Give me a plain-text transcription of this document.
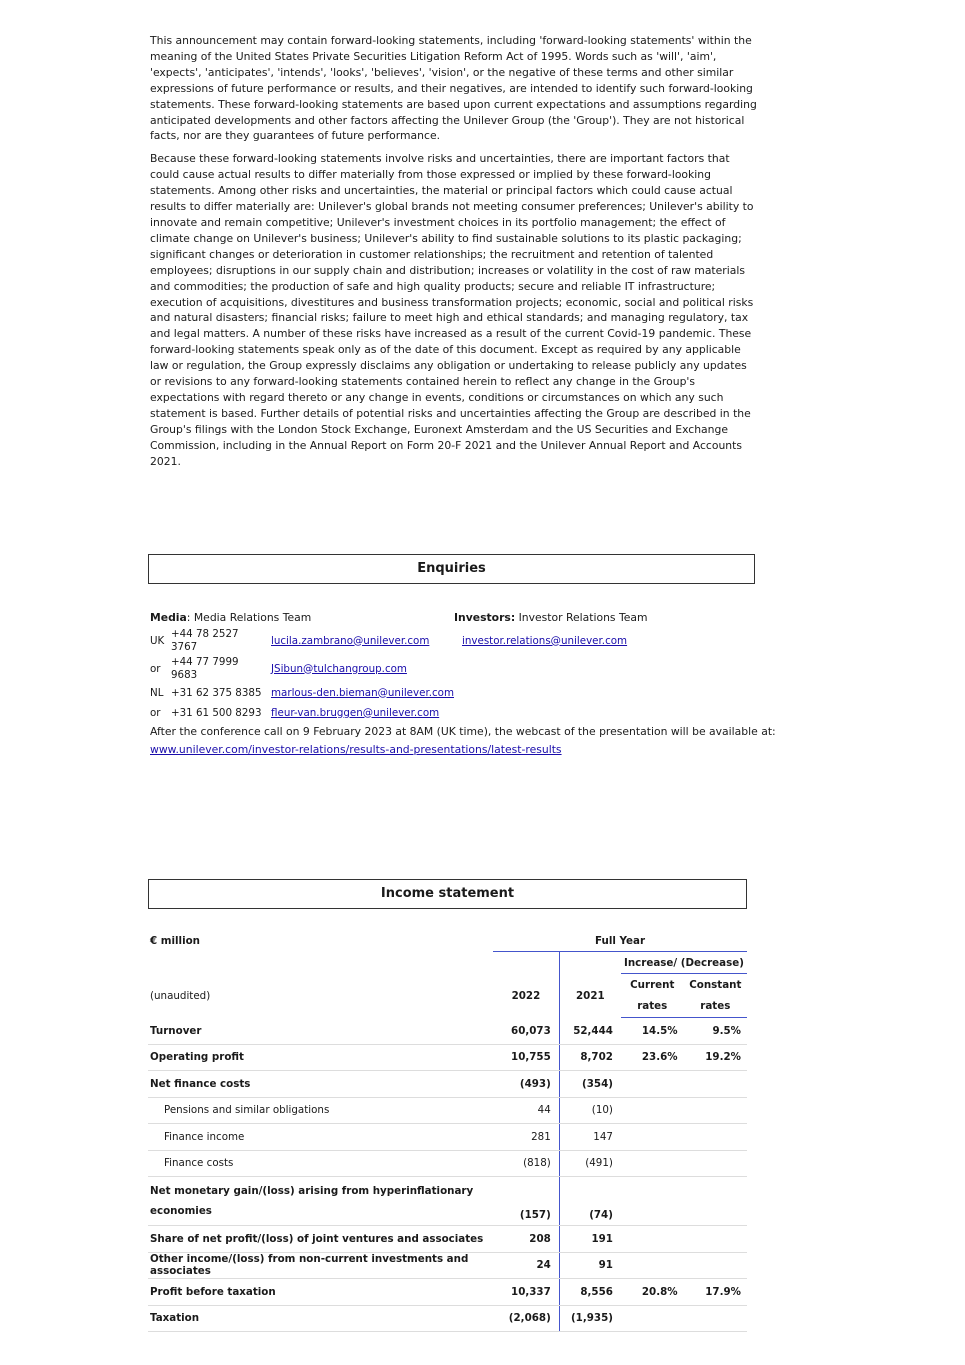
This announcement may contain forward-looking statements, including 'forward-looking statements' within the meaning of the United States Private Securities Litigation Reform Act of 1995. Words such as 'will', 'aim', 'expects', 'anticipates', 'intends', 'looks', 'believes', 'vision', or the negative of these terms and other similar expressions of future performance or results, and their negatives, are intended to identify such forward-looking statements. These forward-looking statements are based upon current expectations and assumptions regarding anticipated developments and other factors affecting the Unilever Group (the 'Group'). They are not historical facts, nor are they guarantees of future performance.

Because these forward-looking statements involve risks and uncertainties, there are important factors that could cause actual results to differ materially from those expressed or implied by these forward-looking statements. Among other risks and uncertainties, the material or principal factors which could cause actual results to differ materially are: Unilever's global brands not meeting consumer preferences; Unilever's ability to innovate and remain competitive; Unilever's investment choices in its portfolio management; the effect of climate change on Unilever's business; Unilever's ability to find sustainable solutions to its plastic packaging; significant changes or deterioration in customer relationships; the recruitment and retention of talented employees; disruptions in our supply chain and distribution; increases or volatility in the cost of raw materials and commodities; the production of safe and high quality products; secure and reliable IT infrastructure; execution of acquisitions, divestitures and business transformation projects; economic, social and political risks and natural disasters; financial risks; failure to meet high and ethical standards; and managing regulatory, tax and legal matters. A number of these risks have increased as a result of the current Covid-19 pandemic. These forward-looking statements speak only as of the date of this document. Except as required by any applicable law or regulation, the Group expressly disclaims any obligation or undertaking to release publicly any updates or revisions to any forward-looking statements contained herein to reflect any change in the Group's expectations with regard thereto or any change in events, conditions or circumstances on which any such statement is based. Further details of potential risks and uncertainties affecting the Group are described in the Group's filings with the London Stock Exchange, Euronext Amsterdam and the US Securities and Exchange Commission, including in the Annual Report on Form 20-F 2021 and the Unilever Annual Report and Accounts 2021.

Enquiries
Media: Media Relations Team	Investors: Investor Relations Team
UK	+44 78 2527 3767	lucila.zambrano@unilever.com	investor.relations@unilever.com
or	+44 77 7999 9683	JSibun@tulchangroup.com	
NL	+31 62 375 8385	marlous-den.bieman@unilever.com	
or	+31 61 500 8293	fleur-van.bruggen@unilever.com	
After the conference call on 9 February 2023 at 8AM (UK time), the webcast of the presentation will be available at:
www.unilever.com/investor-relations/results-and-presentations/latest-results
Income statement
€ million	Full Year			
			Increase/ (Decrease)	
(unaudited)	2022	2021	Current	Constant
			rates	rates
Turnover	60,073	52,444	14.5%	9.5%
Operating profit	10,755	8,702	23.6%	19.2%
Net finance costs	(493)	(354)		
Pensions and similar obligations	44	(10)		
Finance income	281	147		
Finance costs	(818)	(491)		
Net monetary gain/(loss) arising from hyperinflationary
economies	(157)	(74)		
Share of net profit/(loss) of joint ventures and associates	208	191		
Other income/(loss) from non-current investments and associates	24	91		
Profit before taxation	10,337	8,556	20.8%	17.9%
Taxation	(2,068)	(1,935)		
